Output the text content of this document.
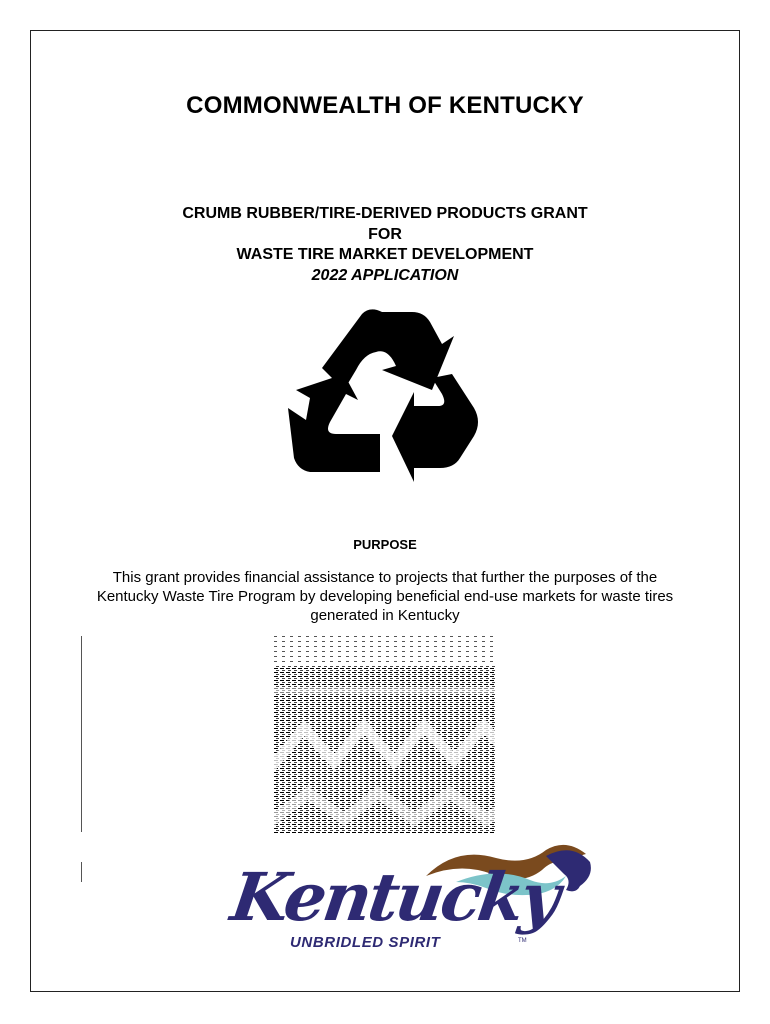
COMMONWEALTH OF KENTUCKY
CRUMB RUBBER/TIRE-DERIVED PRODUCTS GRANT
FOR
WASTE TIRE MARKET DEVELOPMENT
2022 APPLICATION
PURPOSE
This grant provides financial assistance to projects that further the purposes of the
Kentucky Waste Tire Program by developing beneficial end-use markets for waste tires
generated in Kentucky
Kentucky
UNBRIDLED SPIRIT	TM
